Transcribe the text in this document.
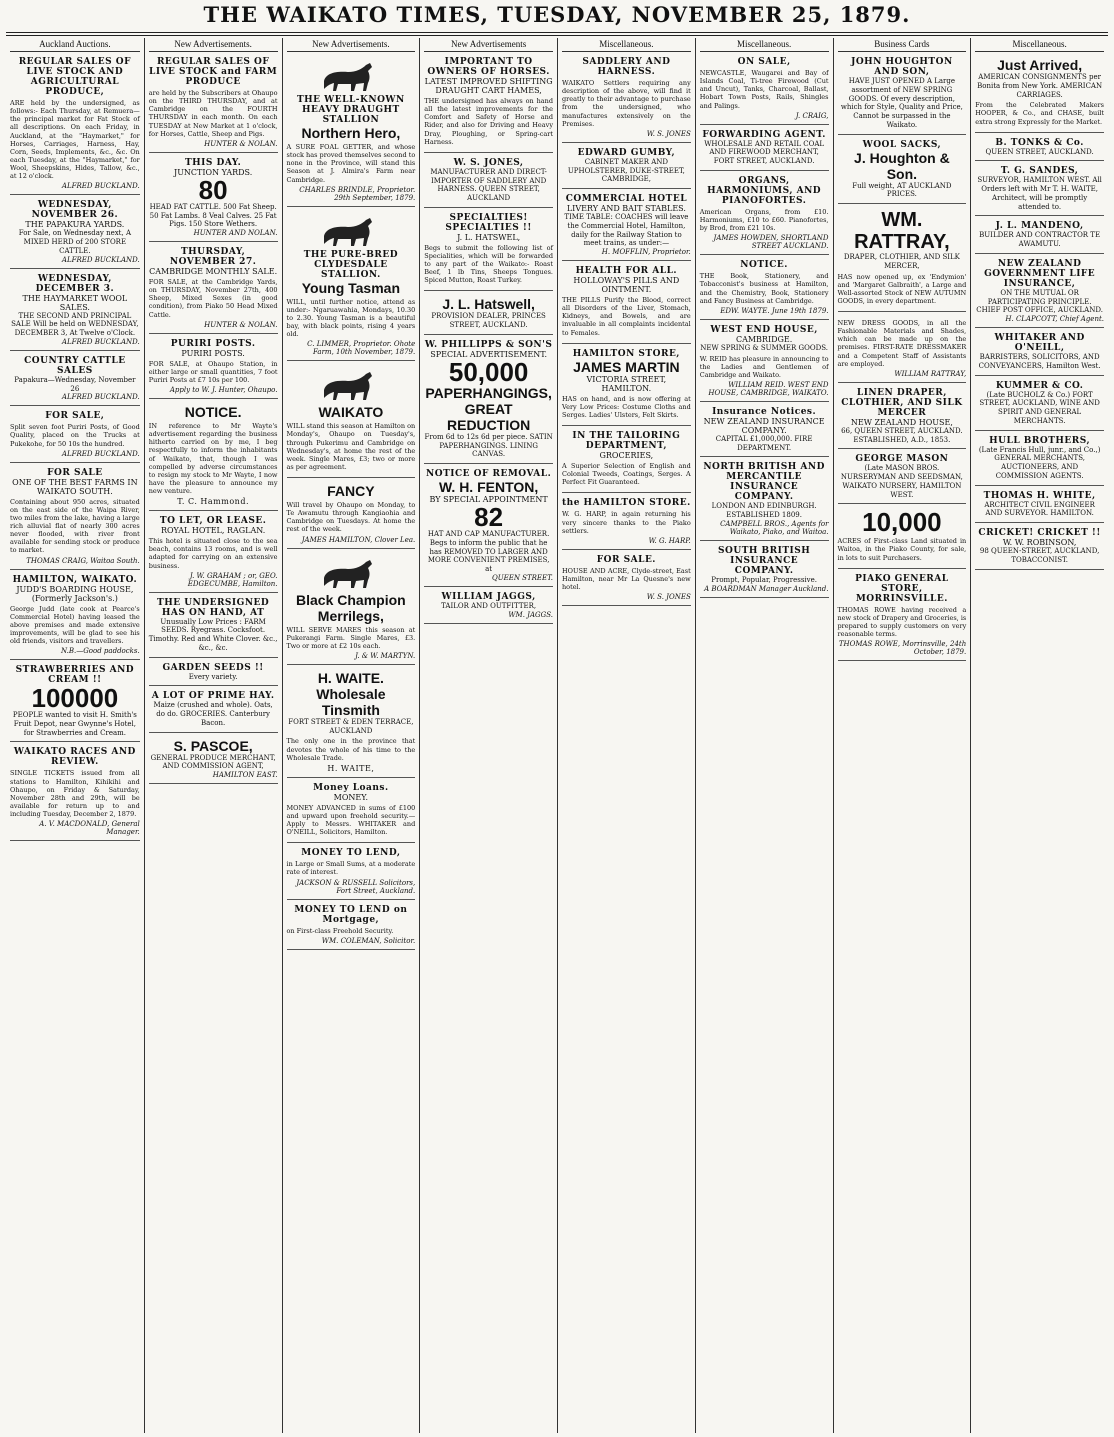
THE WAIKATO TIMES, TUESDAY, NOVEMBER 25, 1879.
Auckland Auctions.
REGULAR SALES OF LIVE STOCK AND AGRICULTURAL PRODUCE,
ARE held by the undersigned, as follows:- Each Thursday, at Remuera—the principal market for Fat Stock of all descriptions. On each Friday, in Auckland, at the "Haymarket," for Horses, Carriages, Harness, Hay, Corn, Seeds, Implements, &c., &c. On each Tuesday, at the "Haymarket," for Wool, Sheepskins, Hides, Tallow, &c., at 12 o'clock.
ALFRED BUCKLAND.
WEDNESDAY, NOVEMBER 26.
THE PAPAKURA YARDS.
For Sale, on Wednesday next, A MIXED HERD of 200 STORE CATTLE.
ALFRED BUCKLAND.
WEDNESDAY, DECEMBER 3.
THE HAYMARKET WOOL SALES.
THE SECOND AND PRINCIPAL SALE Will be held on WEDNESDAY, DECEMBER 3, At Twelve o'Clock.
ALFRED BUCKLAND.
COUNTRY CATTLE SALES
Papakura—Wednesday, November 26
ALFRED BUCKLAND.
FOR SALE,
Split seven foot Puriri Posts, of Good Quality, placed on the Trucks at Pukekohe, for 50 10s the hundred.
ALFRED BUCKLAND.
FOR SALE
ONE OF THE BEST FARMS IN WAIKATO SOUTH.
Containing about 950 acres, situated on the east side of the Waipa River, two miles from the lake, having a large rich alluvial flat of nearly 300 acres never flooded, with river front available for sending stock or produce to market.
THOMAS CRAIG, Waitoa South.
HAMILTON, WAIKATO.
JUDD'S BOARDING HOUSE, (Formerly Jackson's.)
George Judd (late cook at Pearce's Commercial Hotel) having leased the above premises and made extensive improvements, will be glad to see his old friends, visitors and travellers.
N.B.—Good paddocks.
STRAWBERRIES AND CREAM !!
100000
PEOPLE wanted to visit H. Smith's Fruit Depot, near Gwynne's Hotel, for Strawberries and Cream.
WAIKATO RACES AND REVIEW.
SINGLE TICKETS issued from all stations to Hamilton, Kihikihi and Ohaupo, on Friday & Saturday, November 28th and 29th, will be available for return up to and including Tuesday, December 2, 1879.
A. V. MACDONALD, General Manager.
New Advertisements.
REGULAR SALES OF LIVE STOCK and FARM PRODUCE
are held by the Subscribers at Ohaupo on the THIRD THURSDAY, and at Cambridge on the FOURTH THURSDAY in each month. On each TUESDAY at New Market at 1 o'clock, for Horses, Cattle, Sheep and Pigs.
HUNTER & NOLAN.
THIS DAY.
JUNCTION YARDS.
80
HEAD FAT CATTLE. 500 Fat Sheep. 50 Fat Lambs. 8 Veal Calves. 25 Fat Pigs. 150 Store Wethers.
HUNTER AND NOLAN.
THURSDAY, NOVEMBER 27.
CAMBRIDGE MONTHLY SALE.
FOR SALE, at the Cambridge Yards, on THURSDAY, November 27th, 400 Sheep, Mixed Sexes (in good condition), from Piako 50 Head Mixed Cattle.
HUNTER & NOLAN.
PURIRI POSTS.
PURIRI POSTS.
FOR SALE, at Ohaupo Station, in either large or small quantities, 7 foot Puriri Posts at £7 10s per 100.
Apply to W. J. Hunter, Ohaupo.
NOTICE.
IN reference to Mr Wayte's advertisement regarding the business hitherto carried on by me, I beg respectfully to inform the inhabitants of Waikato, that, though I was compelled by adverse circumstances to resign my stock to Mr Wayte, I now have the pleasure to announce my new venture.
T. C. Hammond.
TO LET, OR LEASE.
ROYAL HOTEL, RAGLAN.
This hotel is situated close to the sea beach, contains 13 rooms, and is well adapted for carrying on an extensive business.
J. W. GRAHAM ; or, GEO. EDGECUMBE, Hamilton.
THE UNDERSIGNED HAS ON HAND, AT
Unusually Low Prices : FARM SEEDS. Ryegrass. Cocksfoot. Timothy. Red and White Clover. &c., &c., &c.
GARDEN SEEDS !!
Every variety.
A LOT OF PRIME HAY.
Maize (crushed and whole). Oats, do do. GROCERIES. Canterbury Bacon.
S. PASCOE,
GENERAL PRODUCE MERCHANT, AND COMMISSION AGENT,
HAMILTON EAST.
New Advertisements.
THE WELL-KNOWN HEAVY DRAUGHT STALLION
Northern Hero,
A SURE FOAL GETTER, and whose stock has proved themselves second to none in the Province, will stand this Season at J. Almira's Farm near Cambridge.
CHARLES BRINDLE, Proprietor. 29th September, 1879.
THE PURE-BRED CLYDESDALE STALLION.
Young Tasman
WILL, until further notice, attend as under:- Ngaruawahia, Mondays, 10.30 to 2.30. Young Tasman is a beautiful bay, with black points, rising 4 years old.
C. LIMMER, Proprietor. Ohote Farm, 10th November, 1879.
WAIKATO
WILL stand this season at Hamilton on Monday's, Ohaupo on Tuesday's, through Pukerimu and Cambridge on Wednesday's, at home the rest of the week. Single Mares, £3; two or more as per agreement.
FANCY
Will travel by Ohaupo on Monday, to Te Awamutu through Kangiaohia and Cambridge on Tuesdays. At home the rest of the week.
JAMES HAMILTON, Clover Lea.
Black Champion
Merrilegs,
WILL SERVE MARES this season at Pukerangi Farm. Single Mares, £3. Two or more at £2 10s each.
J. & W. MARTYN.
H. WAITE.
Wholesale Tinsmith
FORT STREET & EDEN TERRACE, AUCKLAND
The only one in the province that devotes the whole of his time to the Wholesale Trade.
H. WAITE,
Money Loans.
MONEY.
MONEY ADVANCED in sums of £100 and upward upon freehold security.—Apply to Messrs. WHITAKER and O'NEILL, Solicitors, Hamilton.
MONEY TO LEND,
in Large or Small Sums, at a moderate rate of interest.
JACKSON & RUSSELL Solicitors, Fort Street, Auckland.
MONEY TO LEND on Mortgage,
on First-class Freehold Security.
WM. COLEMAN, Solicitor.
New Advertisements
IMPORTANT TO OWNERS OF HORSES.
LATEST IMPROVED SHIFTING DRAUGHT CART HAMES,
THE undersigned has always on hand all the latest improvements for the Comfort and Safety of Horse and Rider, and also for Driving and Heavy Dray, Ploughing, or Spring-cart Harness.
W. S. JONES,
MANUFACTURER AND DIRECT-IMPORTER OF SADDLERY AND HARNESS. QUEEN STREET, AUCKLAND
SPECIALTIES! SPECIALTIES !!
J. L. HATSWEL,
Begs to submit the following list of Specialities, which will be forwarded to any part of the Waikato:- Roast Beef, 1 lb Tins, Sheeps Tongues. Spiced Mutton, Roast Turkey.
J. L. Hatswell,
PROVISION DEALER, PRINCES STREET, AUCKLAND.
W. PHILLIPPS & SON'S
SPECIAL ADVERTISEMENT.
50,000
PAPERHANGINGS,
GREAT REDUCTION
From 6d to 12s 6d per piece. SATIN PAPERHANGINGS. LINING CANVAS.
NOTICE OF REMOVAL.
W. H. FENTON,
BY SPECIAL APPOINTMENT
82
HAT AND CAP MANUFACTURER. Begs to inform the public that he has REMOVED TO LARGER AND MORE CONVENIENT PREMISES, at
QUEEN STREET.
WILLIAM JAGGS,
TAILOR AND OUTFITTER,
WM. JAGGS.
Miscellaneous.
SADDLERY AND HARNESS.
WAIKATO Settlers requiring any description of the above, will find it greatly to their advantage to purchase from the undersigned, who manufactures extensively on the Premises.
W. S. JONES
EDWARD GUMBY,
CABINET MAKER AND UPHOLSTERER, DUKE-STREET, CAMBRIDGE,
COMMERCIAL HOTEL
LIVERY AND BAIT STABLES.
TIME TABLE: COACHES will leave the Commercial Hotel, Hamilton, daily for the Railway Station to meet trains, as under:—
H. MOFFLIN, Proprietor.
HEALTH FOR ALL.
HOLLOWAY'S PILLS AND OINTMENT.
THE PILLS Purify the Blood, correct all Disorders of the Liver, Stomach, Kidneys, and Bowels, and are invaluable in all complaints incidental to Females.
HAMILTON STORE,
JAMES MARTIN
VICTORIA STREET, HAMILTON.
HAS on hand, and is now offering at Very Low Prices: Costume Cloths and Serges. Ladies' Ulsters, Felt Skirts.
IN THE TAILORING DEPARTMENT,
GROCERIES,
A Superior Selection of English and Colonial Tweeds, Coatings, Serges. A Perfect Fit Guaranteed.
the HAMILTON STORE.
W. G. HARP, in again returning his very sincere thanks to the Piako settlers.
W. G. HARP.
FOR SALE.
HOUSE AND ACRE, Clyde-street, East Hamilton, near Mr La Quesne's new hotel.
W. S. JONES
Miscellaneous.
ON SALE,
NEWCASTLE, Waugarei and Bay of Islands Coal, Ti-tree Firewood (Cut and Uncut), Tanks, Charcoal, Ballast, Hobart Town Posts, Rails, Shingles and Palings.
J. CRAIG,
FORWARDING AGENT.
WHOLESALE AND RETAIL COAL AND FIREWOOD MERCHANT, FORT STREET, AUCKLAND.
ORGANS, HARMONIUMS, AND PIANOFORTES.
American Organs, from £10. Harmoniums, £10 to £60. Pianofortes, by Brod, from £21 10s.
JAMES HOWDEN, SHORTLAND STREET AUCKLAND.
NOTICE.
THE Book, Stationery, and Tobacconist's business at Hamilton, and the Chemistry, Book, Stationery and Fancy Business at Cambridge.
EDW. WAYTE. June 19th 1879.
WEST END HOUSE,
CAMBRIDGE.
NEW SPRING & SUMMER GOODS.
W. REID has pleasure in announcing to the Ladies and Gentlemen of Cambridge and Waikato.
WILLIAM REID. WEST END HOUSE, CAMBRIDGE, WAIKATO.
Insurance Notices.
NEW ZEALAND INSURANCE COMPANY.
CAPITAL £1,000,000. FIRE DEPARTMENT.
NORTH BRITISH AND MERCANTILE INSURANCE COMPANY.
LONDON AND EDINBURGH. ESTABLISHED 1809.
CAMPBELL BROS., Agents for Waikato, Piako, and Waitoa.
SOUTH BRITISH INSURANCE COMPANY.
Prompt, Popular, Progressive.
A BOARDMAN Manager Auckland.
Business Cards
JOHN HOUGHTON AND SON,
HAVE JUST OPENED A Large assortment of NEW SPRING GOODS. Of every description, which for Style, Quality and Price, Cannot be surpassed in the Waikato.
WOOL SACKS,
J. Houghton & Son.
Full weight, AT AUCKLAND PRICES.
WM. RATTRAY,
DRAPER, CLOTHIER, AND SILK MERCER,
HAS now opened up, ex 'Endymion' and 'Margaret Galbraith', a Large and Well-assorted Stock of NEW AUTUMN GOODS, in every department.
NEW DRESS GOODS, in all the Fashionable Materials and Shades, which can be made up on the premises. FIRST-RATE DRESSMAKER and a Competent Staff of Assistants are employed.
WILLIAM RATTRAY,
LINEN DRAPER, CLOTHIER, AND SILK MERCER
NEW ZEALAND HOUSE,
66, QUEEN STREET, AUCKLAND. ESTABLISHED, A.D., 1853.
GEORGE MASON
(Late MASON BROS. NURSERYMAN AND SEEDSMAN, WAIKATO NURSERY, HAMILTON WEST.
10,000
ACRES of First-class Land situated in Waitoa, in the Piako County, for sale, in lots to suit Purchasers.
PIAKO GENERAL STORE, MORRINSVILLE.
THOMAS ROWE having received a new stock of Drapery and Groceries, is prepared to supply customers on very reasonable terms.
THOMAS ROWE, Morrinsville, 24th October, 1879.
Miscellaneous.
Just Arrived,
AMERICAN CONSIGNMENTS per Bonita from New York. AMERICAN CARRIAGES.
From the Celebrated Makers HOOPER, & Co., and CHASE, built extra strong Expressly for the Market.
B. TONKS & Co.
QUEEN STREET, AUCKLAND.
T. G. SANDES,
SURVEYOR, HAMILTON WEST. All Orders left with Mr T. H. WAITE, Architect, will be promptly attended to.
J. L. MANDENO,
BUILDER AND CONTRACTOR TE AWAMUTU.
NEW ZEALAND GOVERNMENT LIFE INSURANCE,
ON THE MUTUAL OR PARTICIPATING PRINCIPLE. CHIEF POST OFFICE, AUCKLAND.
H. CLAPCOTT, Chief Agent.
WHITAKER AND O'NEILL,
BARRISTERS, SOLICITORS, AND CONVEYANCERS, Hamilton West.
KUMMER & CO.
(Late BUCHOLZ & Co.) FORT STREET, AUCKLAND, WINE AND SPIRIT AND GENERAL MERCHANTS.
HULL BROTHERS,
(Late Francis Hull, junr., and Co.,) GENERAL MERCHANTS, AUCTIONEERS, AND COMMISSION AGENTS.
THOMAS H. WHITE,
ARCHITECT CIVIL ENGINEER AND SURVEYOR. HAMILTON.
CRICKET! CRICKET !!
W. W. ROBINSON,
98 QUEEN-STREET, AUCKLAND, TOBACCONIST.
